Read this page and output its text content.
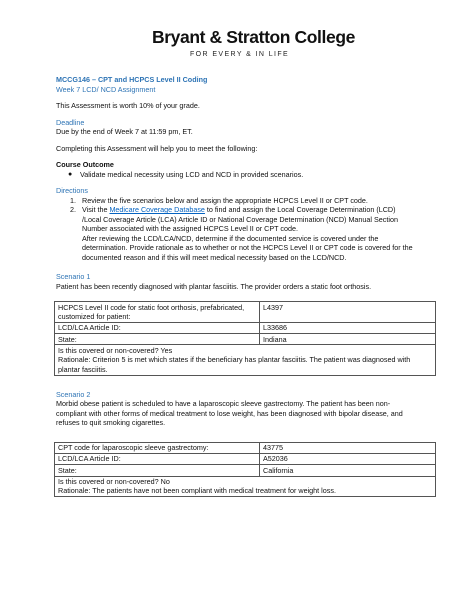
Bryant & Stratton College
FOR EVERY & IN LIFE
MCCG146 – CPT and HCPCS Level II Coding
Week 7 LCD/ NCD Assignment
This Assessment is worth 10% of your grade.
Deadline
Due by the end of Week 7 at 11:59 pm, ET.
Completing this Assessment will help you to meet the following:
Course Outcome
●	Validate medical necessity using LCD and NCD in provided scenarios.
Directions
1. Review the five scenarios below and assign the appropriate HCPCS Level II or CPT code.
2. Visit the Medicare Coverage Database to find and assign the Local Coverage Determination (LCD) /Local Coverage Article (LCA) Article ID or National Coverage Determination (NCD) Manual Section Number associated with the assigned HCPCS Level II or CPT code.
After reviewing the LCD/LCA/NCD, determine if the documented service is covered under the determination. Provide rationale as to whether or not the HCPCS Level II or CPT code is covered for the documented reason and if this will meet medical necessity based on the LCD/NCD.
Scenario 1
Patient has been recently diagnosed with plantar fasciitis. The provider orders a static foot orthosis.
HCPCS Level II code for static foot orthosis, prefabricated, customized for patient:	L4397
LCD/LCA Article ID:	L33686
State:	Indiana

Is this covered or non-covered? Yes
Rationale: Criterion 5 is met which states if the beneficiary has plantar fasciitis. The patient was diagnosed with plantar fasciitis.	
Scenario 2
Morbid obese patient is scheduled to have a laparoscopic sleeve gastrectomy. The patient has been non-compliant with other forms of medical treatment to lose weight, has been diagnosed with bipolar disease, and refuses to quit smoking cigarettes.
CPT code for laparoscopic sleeve gastrectomy:	43775
LCD/LCA Article ID:	A52036
State:	California

Is this covered or non-covered? No
Rationale: The patients have not been compliant with medical treatment for weight loss.	
